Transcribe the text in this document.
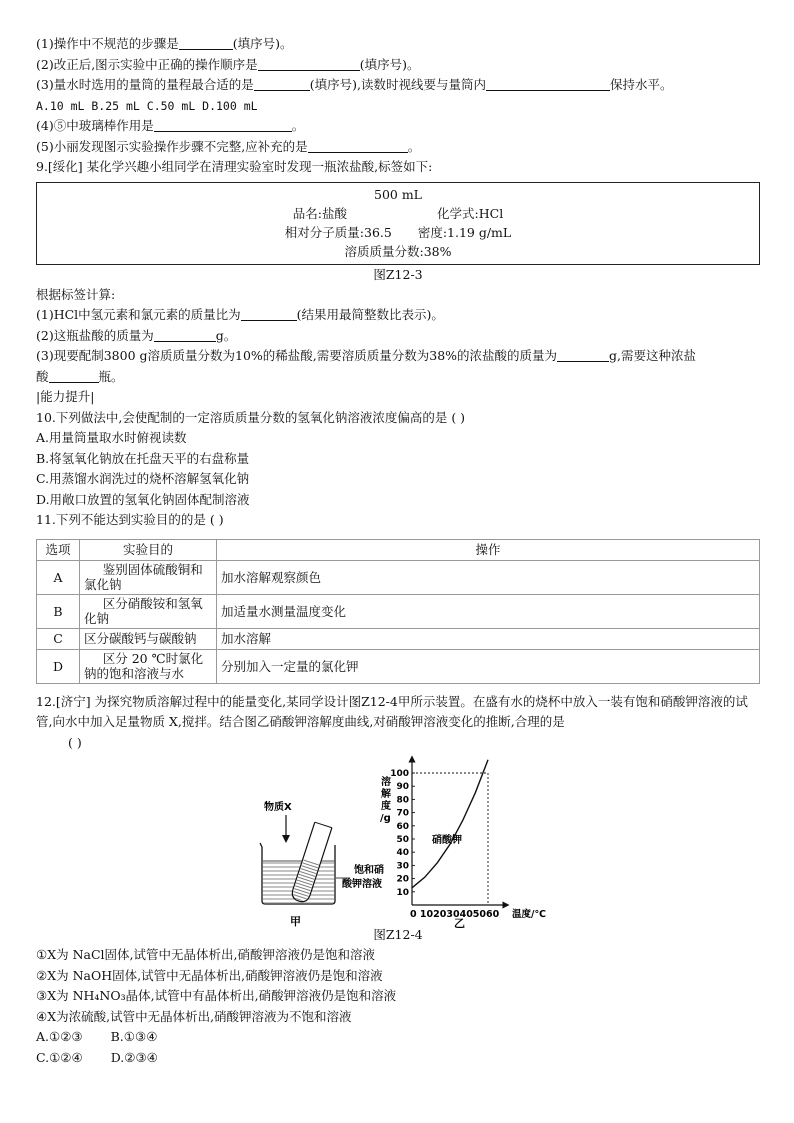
(1)操作中不规范的步骤是	(填序号)。
(2)改正后,图示实验中正确的操作顺序是	(填序号)。
(3)量水时选用的量筒的量程最合适的是	(填序号),读数时视线要与量筒内	保持水平。
A.10 mL B.25 mL C.50 mL D.100 mL
(4)⑤中玻璃棒作用是	。
(5)小丽发现图示实验操作步骤不完整,应补充的是	。
9.[绥化] 某化学兴趣小组同学在清理实验室时发现一瓶浓盐酸,标签如下:
500 mL
品名:盐酸	化学式:HCl
相对分子质量:36.5	密度:1.19 g/mL
溶质质量分数:38%
图Z12-3
根据标签计算:
(1)HCl中氢元素和氯元素的质量比为	(结果用最简整数比表示)。
(2)这瓶盐酸的质量为	g。
(3)现要配制3800 g溶质质量分数为10%的稀盐酸,需要溶质质量分数为38%的浓盐酸的质量为	g,需要这种浓盐
酸	瓶。
|能力提升|
10.下列做法中,会使配制的一定溶质质量分数的氢氧化钠溶液浓度偏高的是 ( )
A.用量筒量取水时俯视读数
B.将氢氧化钠放在托盘天平的右盘称量
C.用蒸馏水润洗过的烧杯溶解氢氧化钠
D.用敞口放置的氢氧化钠固体配制溶液
11.下列不能达到实验目的的是 ( )
选项	实验目的	操作
A	鉴别固体硫酸铜和氯化钠	加水溶解观察颜色
B	区分硝酸铵和氢氧化钠	加适量水测量温度变化
C	区分碳酸钙与碳酸钠	加水溶解
D	区分 20 ℃时氯化钠的饱和溶液与水	分别加入一定量的氯化钾
12.[济宁] 为探究物质溶解过程中的能量变化,某同学设计图Z12-4甲所示装置。在盛有水的烧杯中放入一装有饱和硝酸钾溶液的试管,向水中加入足量物质 X,搅拌。结合图乙硝酸钾溶解度曲线,对硝酸钾溶液变化的推断,合理的是
( )
物质X
饱和硝
酸钾溶液
甲
溶
解
度
/g
100
90
80
70
60
50
40
30
20
10
0 102030405060 温度/℃
硝酸钾
乙
图Z12-4
①X为 NaCl固体,试管中无晶体析出,硝酸钾溶液仍是饱和溶液
②X为 NaOH固体,试管中无晶体析出,硝酸钾溶液仍是饱和溶液
③X为 NH₄NO₃晶体,试管中有晶体析出,硝酸钾溶液仍是饱和溶液
④X为浓硫酸,试管中无晶体析出,硝酸钾溶液为不饱和溶液
A.①②③ B.①③④
C.①②④ D.②③④
